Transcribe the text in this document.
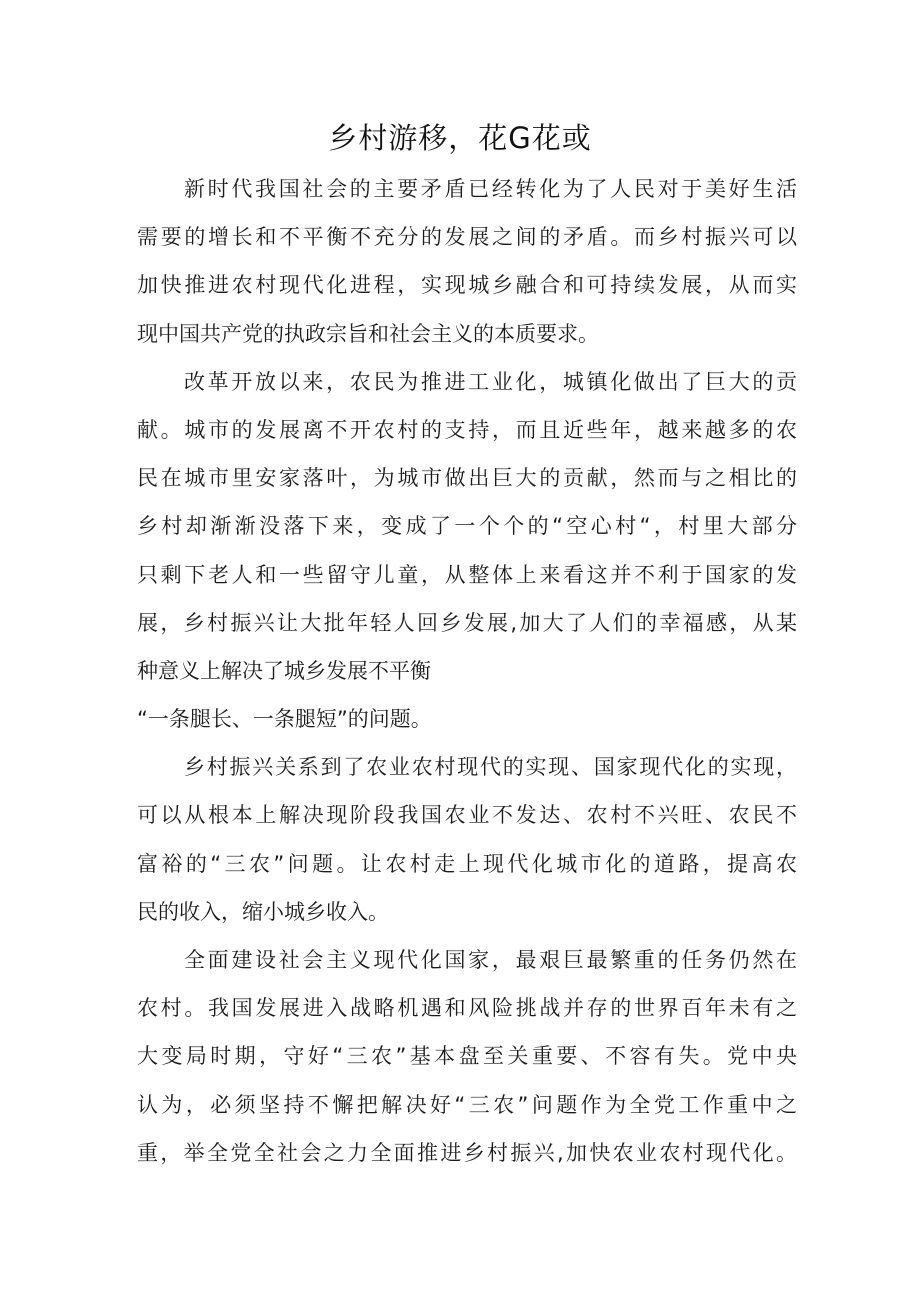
乡村游移，花G花或
新时代我国社会的主要矛盾已经转化为了人民对于美好生活
需要的增长和不平衡不充分的发展之间的矛盾。而乡村振兴可以
加快推进农村现代化进程，实现城乡融合和可持续发展，从而实
现中国共产党的执政宗旨和社会主义的本质要求。
改革开放以来，农民为推进工业化，城镇化做出了巨大的贡
献。城市的发展离不开农村的支持，而且近些年，越来越多的农
民在城市里安家落叶，为城市做出巨大的贡献，然而与之相比的
乡村却渐渐没落下来，变成了一个个的“空心村“，村里大部分
只剩下老人和一些留守儿童，从整体上来看这并不利于国家的发
展，乡村振兴让大批年轻人回乡发展,加大了人们的幸福感，从某
种意义上解决了城乡发展不平衡
“一条腿长、一条腿短”的问题。
乡村振兴关系到了农业农村现代的实现、国家现代化的实现，
可以从根本上解决现阶段我国农业不发达、农村不兴旺、农民不
富裕的“三农”问题。让农村走上现代化城市化的道路，提高农
民的收入，缩小城乡收入。
全面建设社会主义现代化国家，最艰巨最繁重的任务仍然在
农村。我国发展进入战略机遇和风险挑战并存的世界百年未有之
大变局时期，守好“三农”基本盘至关重要、不容有失。党中央
认为，必须坚持不懈把解决好“三农”问题作为全党工作重中之
重，举全党全社会之力全面推进乡村振兴,加快农业农村现代化。
